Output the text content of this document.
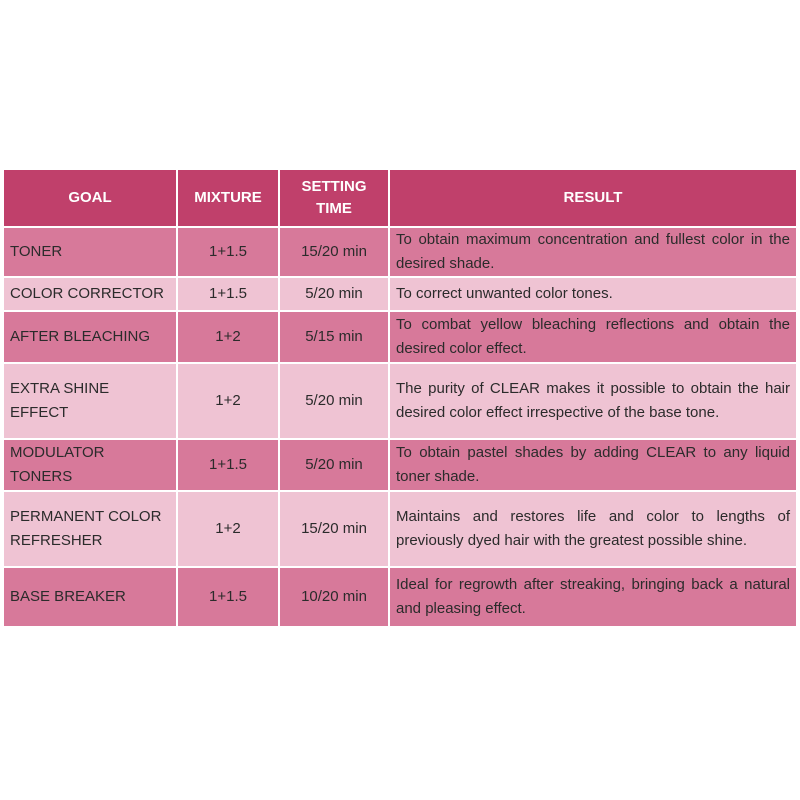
GOAL	MIXTURE	SETTING TIME	RESULT
TONER	1+1.5	15/20 min	To obtain maximum concentration and fullest color in the desired shade.
COLOR CORRECTOR	1+1.5	5/20 min	To correct unwanted color tones.
AFTER BLEACHING	1+2	5/15 min	To combat yellow bleaching reflections and obtain the desired color effect.
EXTRA SHINE EFFECT	1+2	5/20 min	The purity of CLEAR makes it possible to obtain the hair desired color effect irrespective of the base tone.
MODULATOR TONERS	1+1.5	5/20 min	To obtain pastel shades by adding CLEAR to any liquid toner shade.
PERMANENT COLOR REFRESHER	1+2	15/20 min	Maintains and restores life and color to lengths of previously dyed hair with the greatest possible shine.
BASE BREAKER	1+1.5	10/20 min	Ideal for regrowth after streaking, bringing back a natural and pleasing effect.
